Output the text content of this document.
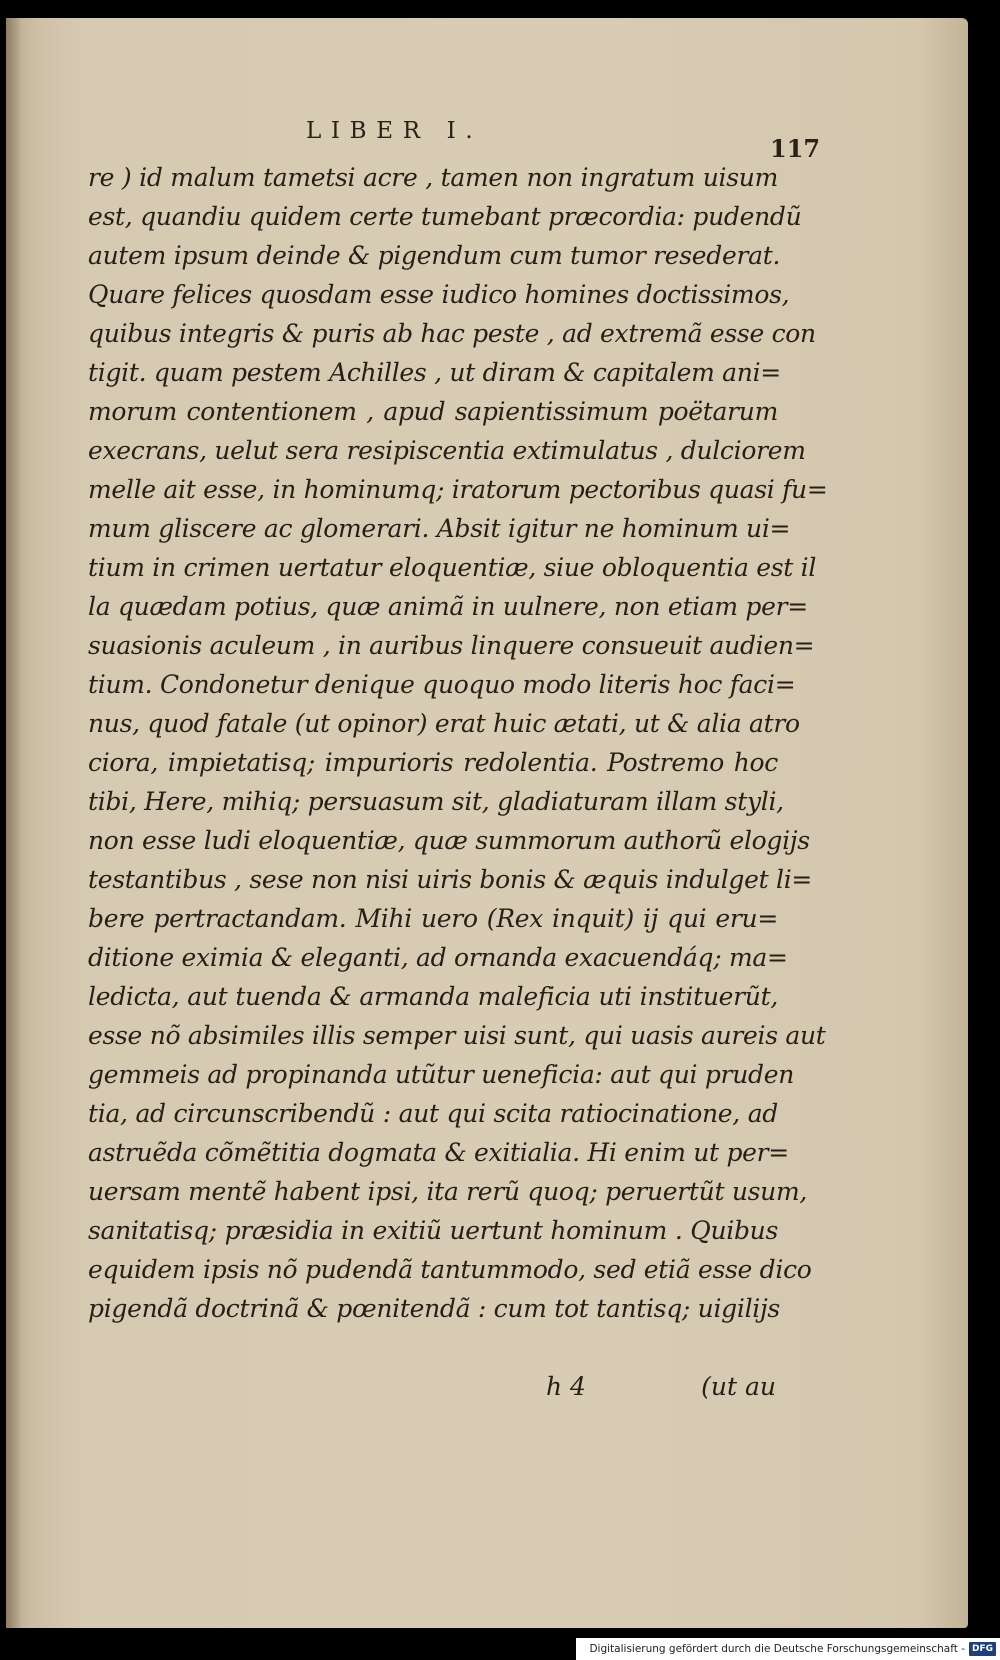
LIBER I.
117
re ) id malum tametsi acre , tamen non ingratum uisum
est, quandiu quidem certe tumebant præcordia: pudendũ
autem ipsum deinde & pigendum cum tumor resederat.
Quare felices quosdam esse iudico homines doctissimos,
quibus integris & puris ab hac peste , ad extremã esse con
tigit. quam pestem Achilles , ut diram & capitalem ani=
morum contentionem , apud sapientissimum poëtarum
execrans, uelut sera resipiscentia extimulatus , dulciorem
melle ait esse, in hominumq; iratorum pectoribus quasi fu=
mum gliscere ac glomerari. Absit igitur ne hominum ui=
tium in crimen uertatur eloquentiæ, siue obloquentia est il
la quædam potius, quæ animã in uulnere, non etiam per=
suasionis aculeum , in auribus linquere consueuit audien=
tium. Condonetur denique quoquo modo literis hoc faci=
nus, quod fatale (ut opinor) erat huic ætati, ut & alia atro
ciora, impietatisq; impurioris redolentia. Postremo hoc
tibi, Here, mihiq; persuasum sit, gladiaturam illam styli,
non esse ludi eloquentiæ, quæ summorum authorũ elogijs
testantibus , sese non nisi uiris bonis & æquis indulget li=
bere pertractandam. Mihi uero (Rex inquit) ij qui eru=
ditione eximia & eleganti, ad ornanda exacuendáq; ma=
ledicta, aut tuenda & armanda maleficia uti instituerũt,
esse nõ absimiles illis semper uisi sunt, qui uasis aureis aut
gemmeis ad propinanda utũtur ueneficia: aut qui pruden
tia, ad circunscribendũ : aut qui scita ratiocinatione, ad
astruẽda cõmẽtitia dogmata & exitialia. Hi enim ut per=
uersam mentẽ habent ipsi, ita rerũ quoq; peruertũt usum,
sanitatisq; præsidia in exitiũ uertunt hominum . Quibus
equidem ipsis nõ pudendã tantummodo, sed etiã esse dico
pigendã doctrinã & pœnitendã : cum tot tantisq; uigilijs
h 4	(ut au
Digitalisierung gefördert durch die Deutsche Forschungsgemeinschaft - DFG
